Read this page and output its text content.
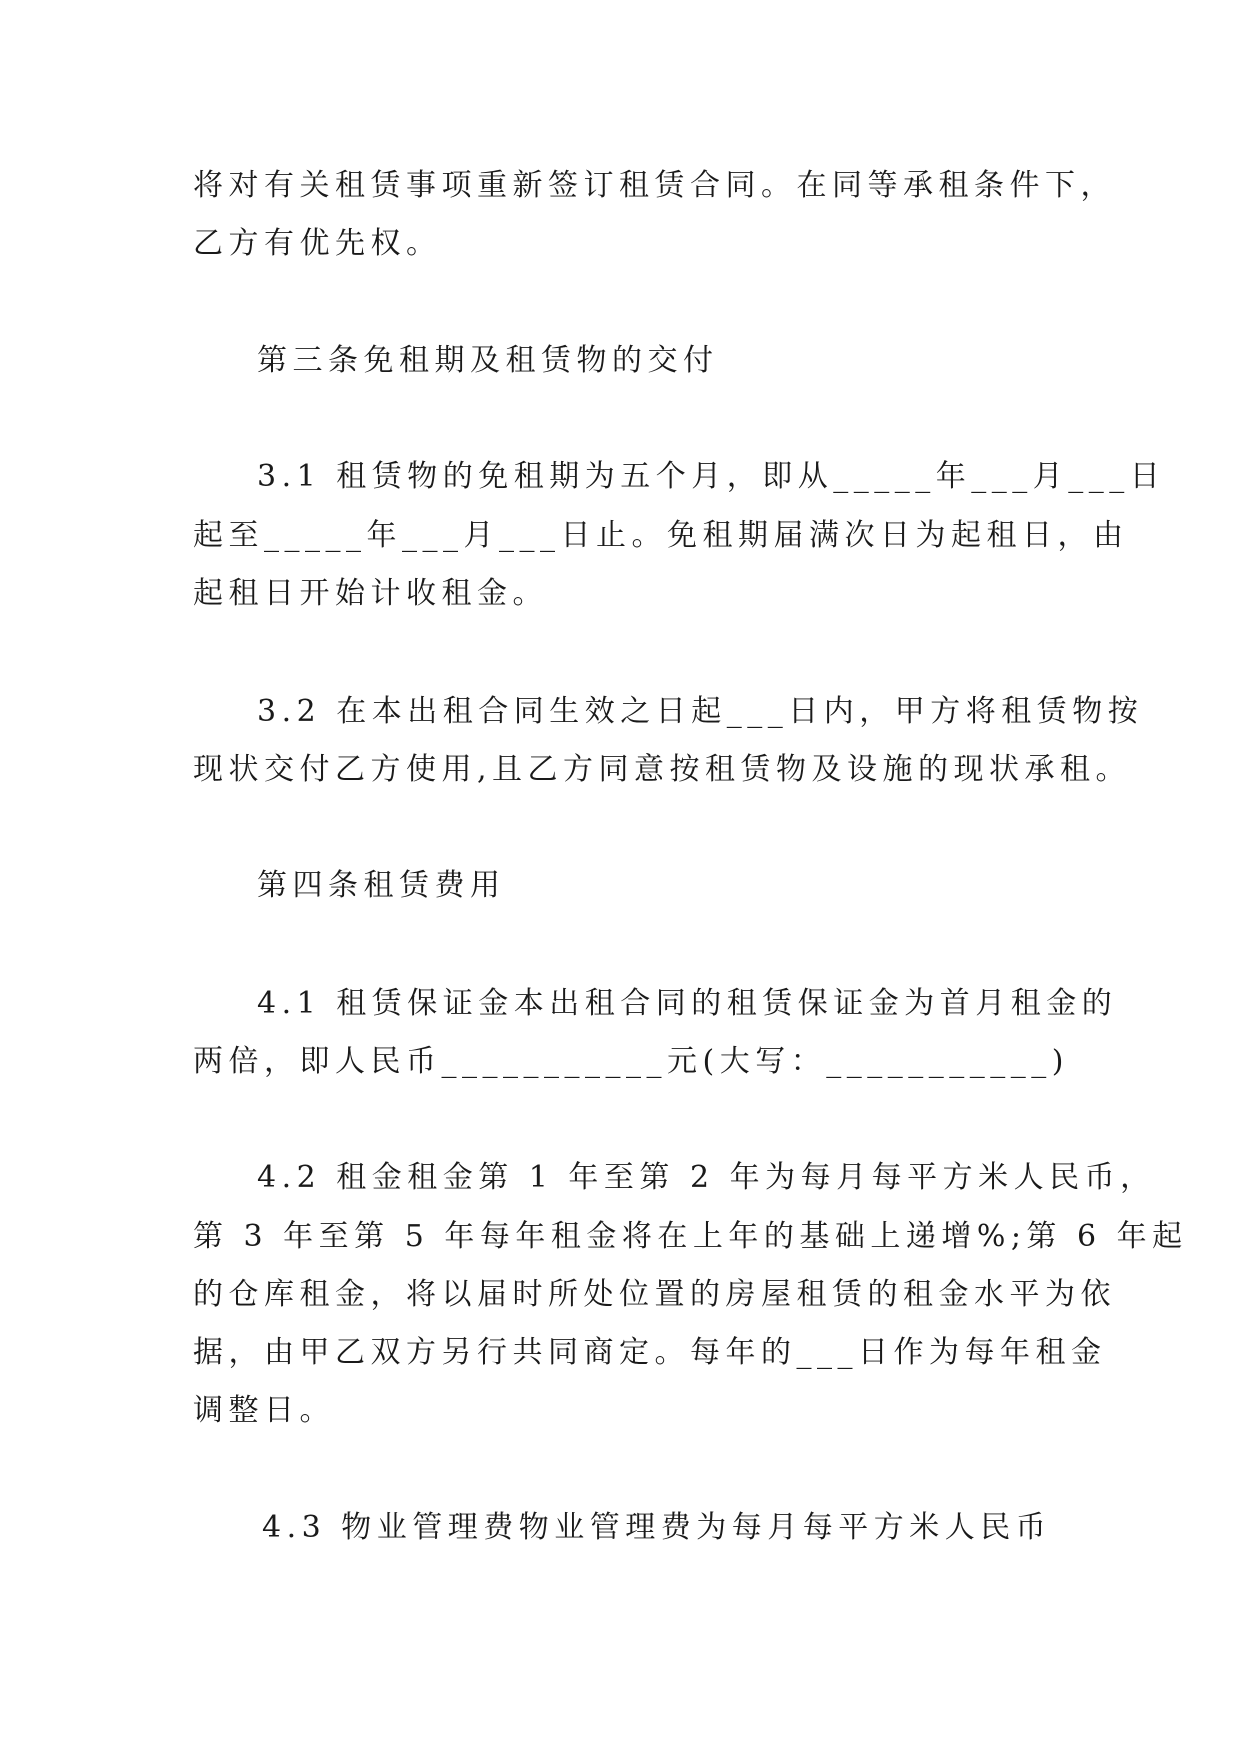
将对有关租赁事项重新签订租赁合同。在同等承租条件下，
乙方有优先权。
第三条免租期及租赁物的交付
3.1 租赁物的免租期为五个月，即从_____年___月___日
起至_____年___月___日止。免租期届满次日为起租日，由
起租日开始计收租金。
3.2 在本出租合同生效之日起___日内，甲方将租赁物按
现状交付乙方使用,且乙方同意按租赁物及设施的现状承租。
第四条租赁费用
4.1 租赁保证金本出租合同的租赁保证金为首月租金的
两倍，即人民币___________元(大写：___________)
4.2 租金租金第 1 年至第 2 年为每月每平方米人民币，
第 3 年至第 5 年每年租金将在上年的基础上递增%;第 6 年起
的仓库租金，将以届时所处位置的房屋租赁的租金水平为依
据，由甲乙双方另行共同商定。每年的___日作为每年租金
调整日。
4.3 物业管理费物业管理费为每月每平方米人民币
